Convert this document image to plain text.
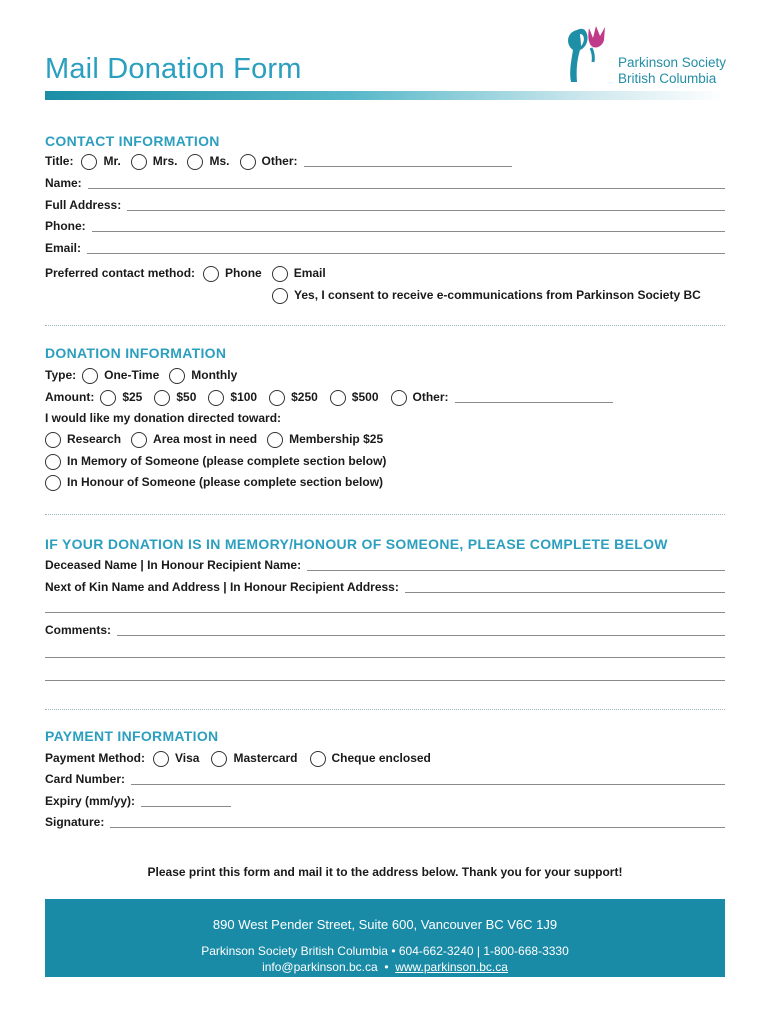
Mail Donation Form	Parkinson Society
British Columbia
CONTACT INFORMATION
Title:	Mr.	Mrs.	Ms.	Other:
Name:
Full Address:
Phone:
Email:
Preferred contact method:	Phone	Email
Yes, I consent to receive e-communications from Parkinson Society BC
DONATION INFORMATION
Type: One-Time	Monthly
Amount: $25	$50	$100	$250	$500	Other:
I would like my donation directed toward:
Research	Area most in need	Membership $25
In Memory of Someone (please complete section below)
In Honour of Someone (please complete section below)
IF YOUR DONATION IS IN MEMORY/HONOUR OF SOMEONE, PLEASE COMPLETE BELOW
Deceased Name | In Honour Recipient Name:
Next of Kin Name and Address | In Honour Recipient Address:
Comments:
PAYMENT INFORMATION
Payment Method:	Visa	Mastercard	Cheque enclosed
Card Number:
Expiry (mm/yy):
Signature:
Please print this form and mail it to the address below. Thank you for your support!
890 West Pender Street, Suite 600, Vancouver BC V6C 1J9
Parkinson Society British Columbia • 604-662-3240 | 1-800-668-3330
info@parkinson.bc.ca  •  www.parkinson.bc.ca
